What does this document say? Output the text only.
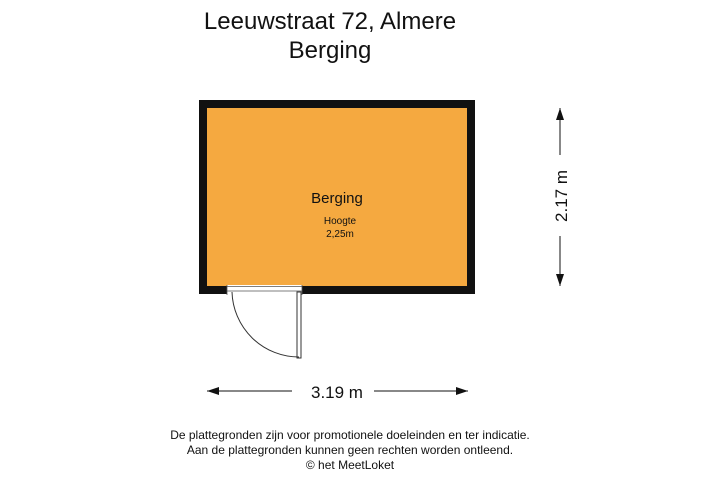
Leeuwstraat 72, Almere
Berging
Berging
Hoogte
2,25m
3.19 m
2.17 m
De plattegronden zijn voor promotionele doeleinden en ter indicatie.
Aan de plattegronden kunnen geen rechten worden ontleend.
© het MeetLoket
